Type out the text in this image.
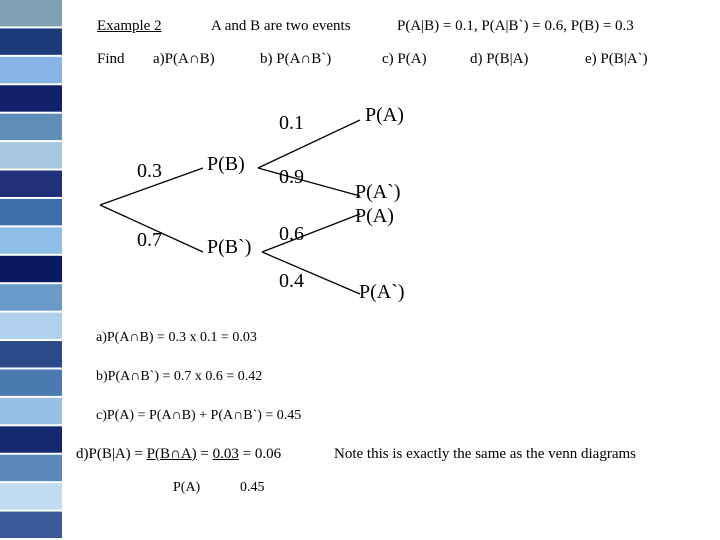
Example 2	A and B are two events	P(A|B) = 0.1, P(A|B`) = 0.6, P(B) = 0.3
Find a)P(A∩B)	b) P(A∩B`)	c) P(A)	d) P(B|A)	e) P(B|A`)
0.3
0.7
P(B)
P(B`)
0.1
0.9
0.6
0.4
P(A)
P(A`)
P(A)
P(A`)
a)P(A∩B) = 0.3 x 0.1 = 0.03
b)P(A∩B`) = 0.7 x 0.6 = 0.42
c)P(A) = P(A∩B) + P(A∩B`) = 0.45
d)P(B|A) = P(B∩A) = 0.03 = 0.06	Note this is exactly the same as the venn diagrams
P(A)	0.45
